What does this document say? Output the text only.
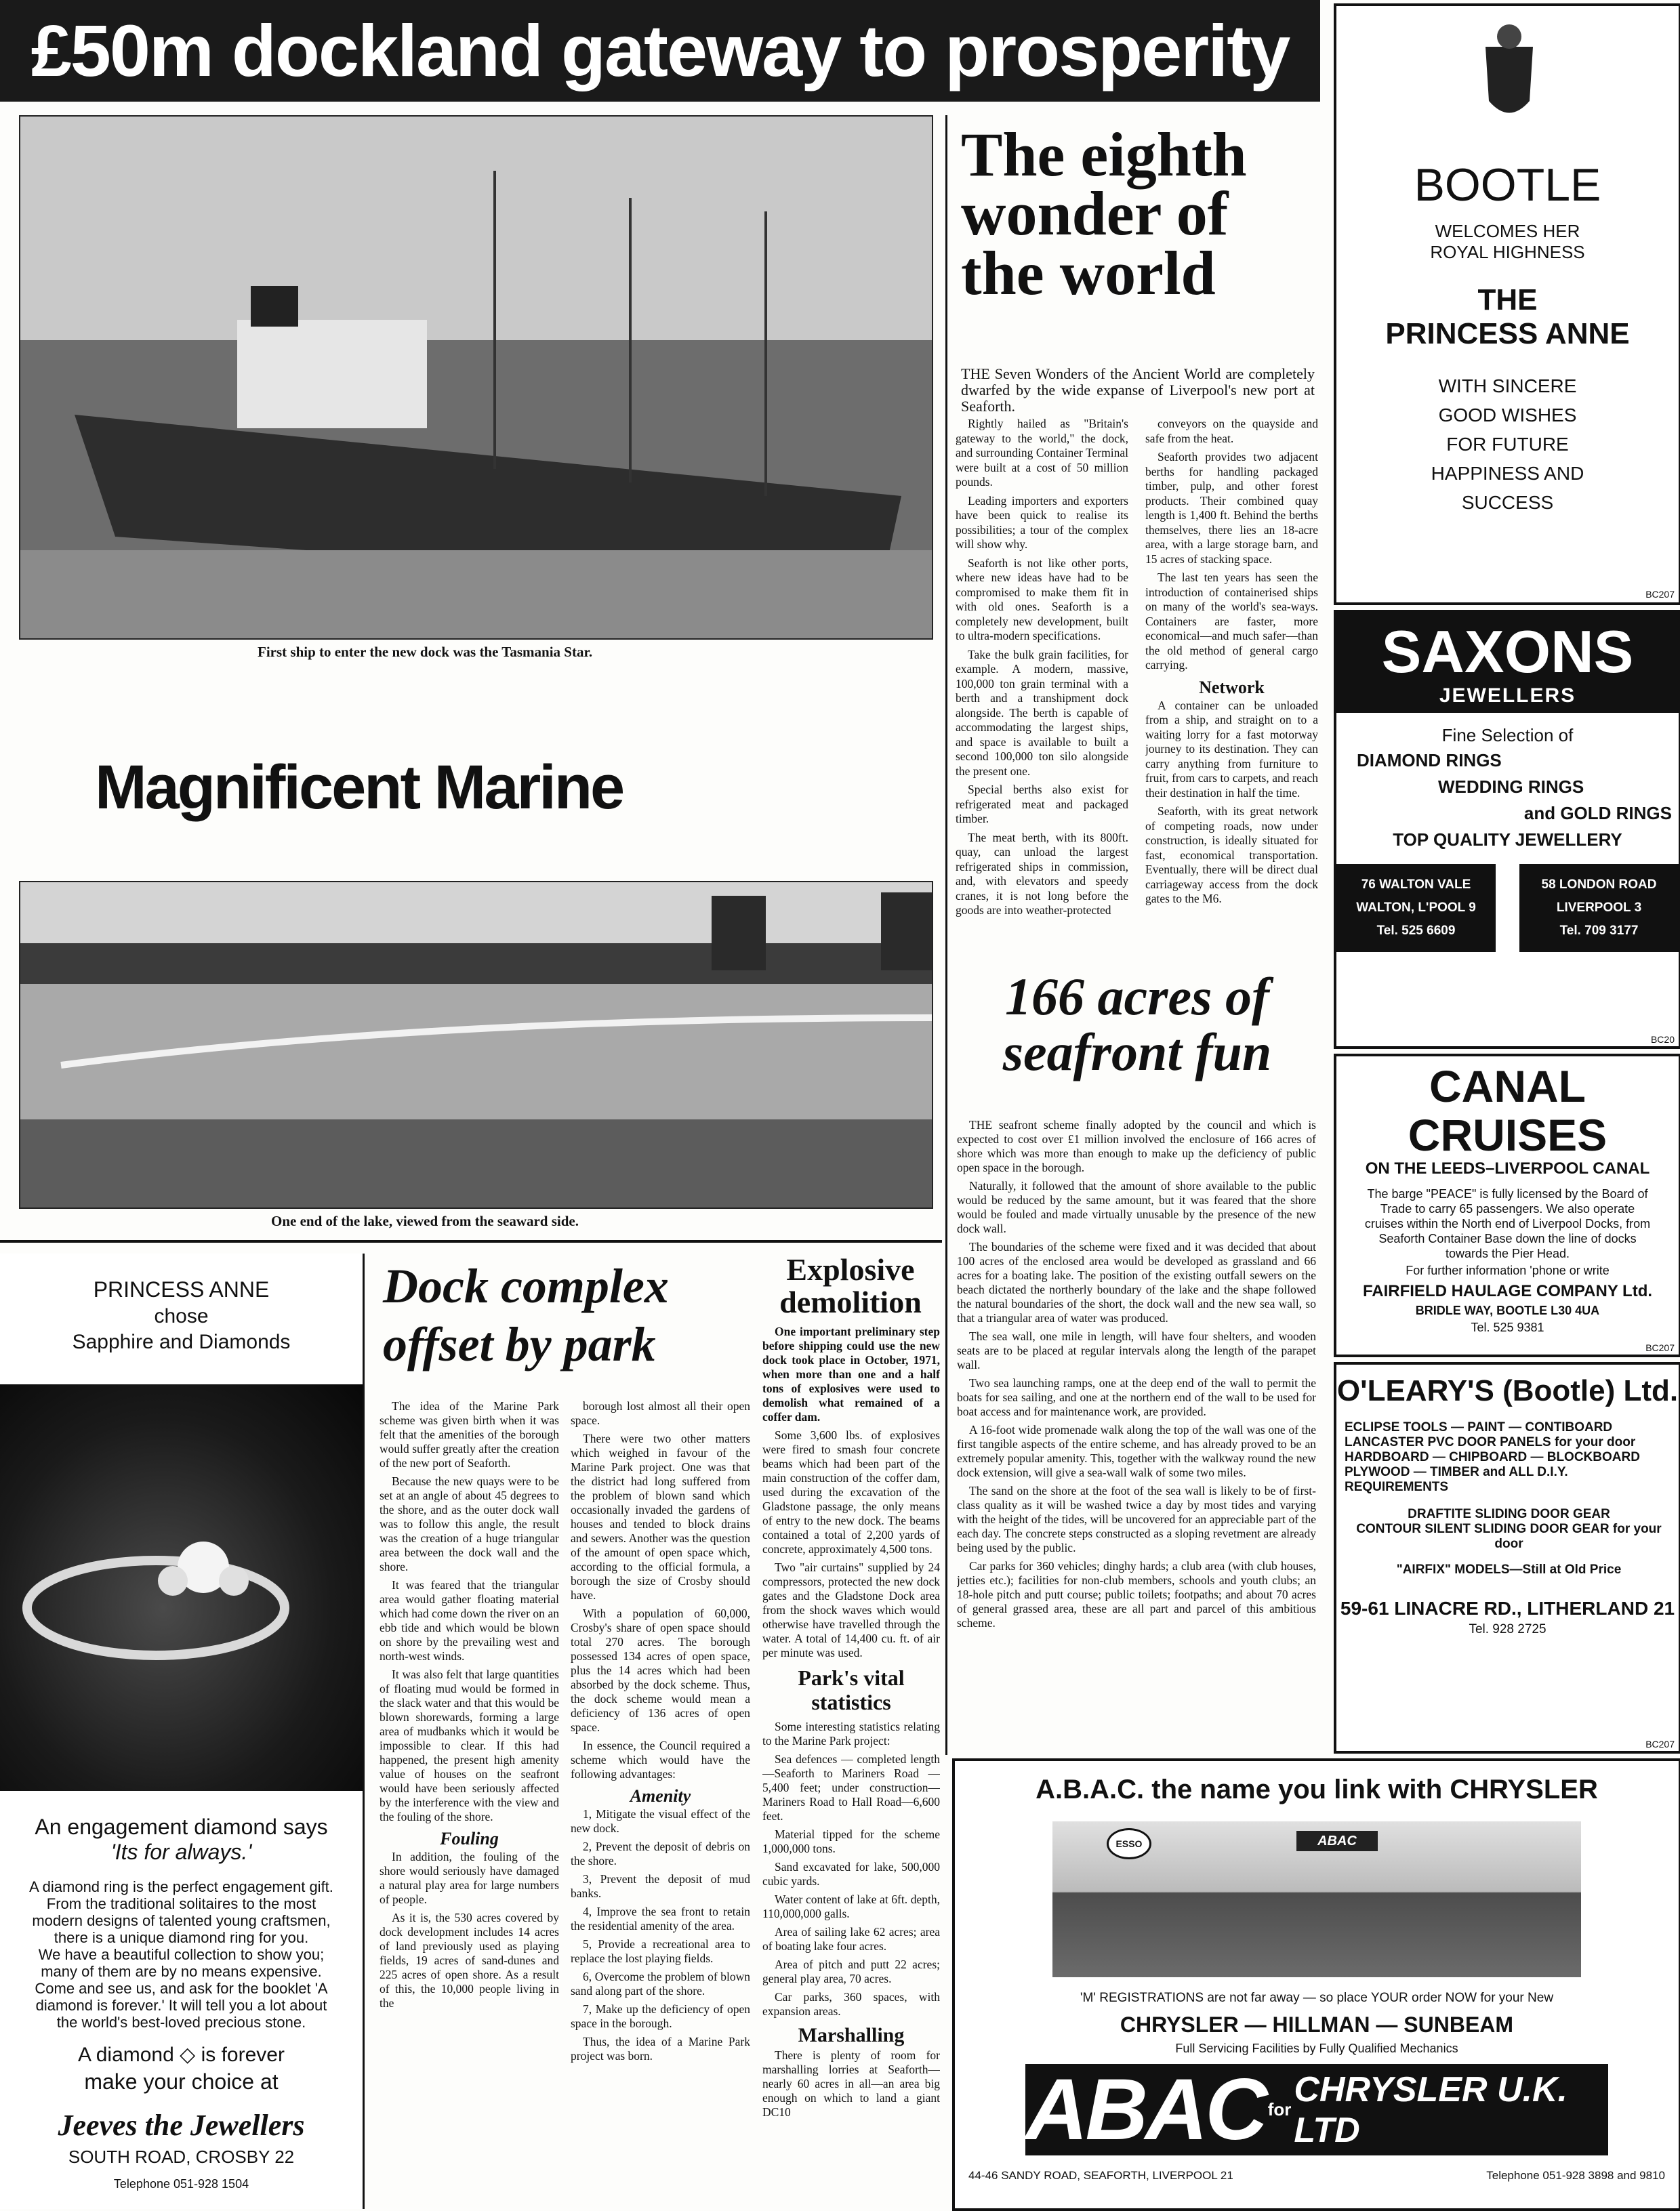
£50m dockland gateway to prosperity
First ship to enter the new dock was the Tasmania Star.
Magnificent Marine
One end of the lake, viewed from the seaward side.
The eighth wonder of the world
THE Seven Wonders of the Ancient World are completely dwarfed by the wide expanse of Liverpool's new port at Seaforth.

Rightly hailed as "Britain's gateway to the world," the dock, and surrounding Container Terminal were built at a cost of 50 million pounds.

Leading importers and exporters have been quick to realise its possibilities; a tour of the complex will show why.

Seaforth is not like other ports, where new ideas have had to be compromised to make them fit in with old ones. Seaforth is a completely new development, built to ultra-modern specifications.

Take the bulk grain facilities, for example. A modern, massive, 100,000 ton grain terminal with a berth and a transhipment dock alongside. The berth is capable of accommodating the largest ships, and space is available to built a second 100,000 ton silo alongside the present one.

Special berths also exist for refrigerated meat and packaged timber.

The meat berth, with its 800ft. quay, can unload the largest refrigerated ships in commission, and, with elevators and speedy cranes, it is not long before the goods are into weather-protected

conveyors on the quayside and safe from the heat.

Seaforth provides two adjacent berths for handling packaged timber, pulp, and other forest products. Their combined quay length is 1,400 ft. Behind the berths themselves, there lies an 18-acre area, with a large storage barn, and 15 acres of stacking space.

The last ten years has seen the introduction of containerised ships on many of the world's sea-ways. Containers are faster, more economical—and much safer—than the old method of general cargo carrying.

Network

A container can be unloaded from a ship, and straight on to a waiting lorry for a fast motorway journey to its destination. They can carry anything from furniture to fruit, from cars to carpets, and reach their destination in half the time.

Seaforth, with its great network of competing roads, now under construction, is ideally situated for fast, economical transportation. Eventually, there will be direct dual carriageway access from the dock gates to the M6.

166 acres of seafront fun

THE seafront scheme finally adopted by the council and which is expected to cost over £1 million involved the enclosure of 166 acres of shore which was more than enough to make up the deficiency of public open space in the borough.

Naturally, it followed that the amount of shore available to the public would be reduced by the same amount, but it was feared that the shore would be fouled and made virtually unusable by the presence of the new dock wall.

The boundaries of the scheme were fixed and it was decided that about 100 acres of the enclosed area would be developed as grassland and 66 acres for a boating lake. The position of the existing outfall sewers on the beach dictated the northerly boundary of the lake and the shape followed the natural boundaries of the short, the dock wall and the new sea wall, so that a triangular area of water was produced.

The sea wall, one mile in length, will have four shelters, and wooden seats are to be placed at regular intervals along the length of the parapet wall.

Two sea launching ramps, one at the deep end of the wall to permit the boats for sea sailing, and one at the northern end of the wall to be used for boat access and for maintenance work, are provided.

A 16-foot wide promenade walk along the top of the wall was one of the first tangible aspects of the entire scheme, and has already proved to be an extremely popular amenity. This, together with the walkway round the new dock extension, will give a sea-wall walk of some two miles.

The sand on the shore at the foot of the sea wall is likely to be of first-class quality as it will be washed twice a day by most tides and varying with the height of the tides, will be uncovered for an appreciable part of the each day. The concrete steps constructed as a sloping revetment are already being used by the public.

Car parks for 360 vehicles; dinghy hards; a club area (with club houses, jetties etc.); facilities for non-club members, schools and youth clubs; an 18-hole pitch and putt course; public toilets; footpaths; and about 70 acres of general grassed area, these are all part and parcel of this ambitious scheme.

Dock complex offset by park

The idea of the Marine Park scheme was given birth when it was felt that the amenities of the borough would suffer greatly after the creation of the new port of Seaforth.

Because the new quays were to be set at an angle of about 45 degrees to the shore, and as the outer dock wall was to follow this angle, the result was the creation of a huge triangular area between the dock wall and the shore.

It was feared that the triangular area would gather floating material which had come down the river on an ebb tide and which would be blown on shore by the prevailing west and north-west winds.

It was also felt that large quantities of floating mud would be formed in the slack water and that this would be blown shorewards, forming a large area of mudbanks which it would be impossible to clear. If this had happened, the present high amenity value of houses on the seafront would have been seriously affected by the interference with the view and the fouling of the shore.

Fouling

In addition, the fouling of the shore would seriously have damaged a natural play area for large numbers of people.

As it is, the 530 acres covered by dock development includes 14 acres of land previously used as playing fields, 19 acres of sand-dunes and 225 acres of open shore. As a result of this, the 10,000 people living in the

borough lost almost all their open space.

There were two other matters which weighed in favour of the Marine Park project. One was that the district had long suffered from the problem of blown sand which occasionally invaded the gardens of houses and tended to block drains and sewers. Another was the question of the amount of open space which, according to the official formula, a borough the size of Crosby should have.

With a population of 60,000, Crosby's share of open space should total 270 acres. The borough possessed 134 acres of open space, plus the 14 acres which had been absorbed by the dock scheme. Thus, the dock scheme would mean a deficiency of 136 acres of open space.

In essence, the Council required a scheme which would have the following advantages:

Amenity

1, Mitigate the visual effect of the new dock.

2, Prevent the deposit of debris on the shore.

3, Prevent the deposit of mud banks.

4, Improve the sea front to retain the residential amenity of the area.

5, Provide a recreational area to replace the lost playing fields.

6, Overcome the problem of blown sand along part of the shore.

7, Make up the deficiency of open space in the borough.

Thus, the idea of a Marine Park project was born.

Explosive demolition

One important preliminary step before shipping could use the new dock took place in October, 1971, when more than one and a half tons of explosives were used to demolish what remained of a coffer dam.

Some 3,600 lbs. of explosives were fired to smash four concrete beams which had been part of the main construction of the coffer dam, used during the excavation of the Gladstone passage, the only means of entry to the new dock. The beams contained a total of 2,200 yards of concrete, approximately 4,500 tons.

Two "air curtains" supplied by 24 compressors, protected the new dock gates and the Gladstone Dock area from the shock waves which would otherwise have travelled through the water. A total of 14,400 cu. ft. of air per minute was used.

Park's vital statistics

Some interesting statistics relating to the Marine Park project:

Sea defences — completed length—Seaforth to Mariners Road — 5,400 feet; under construction—Mariners Road to Hall Road—6,600 feet.

Material tipped for the scheme 1,000,000 tons.

Sand excavated for lake, 500,000 cubic yards.

Water content of lake at 6ft. depth, 110,000,000 galls.

Area of sailing lake 62 acres; area of boating lake four acres.

Area of pitch and putt 22 acres; general play area, 70 acres.

Car parks, 360 spaces, with expansion areas.

Marshalling

There is plenty of room for marshalling lorries at Seaforth—nearly 60 acres in all—an area big enough on which to land a giant DC10

PRINCESS ANNE
chose
Sapphire and Diamonds
An engagement diamond says
'Its for always.'
A diamond ring is the perfect engagement gift. From the traditional solitaires to the most modern designs of talented young craftsmen, there is a unique diamond ring for you.
We have a beautiful collection to show you; many of them are by no means expensive.
Come and see us, and ask for the booklet 'A diamond is forever.' It will tell you a lot about the world's best-loved precious stone.
A diamond ◇ is forever
make your choice at
Jeeves the Jewellers
SOUTH ROAD, CROSBY 22
Telephone 051-928 1504
BOOTLE
WELCOMES HER
ROYAL HIGHNESS
THE
PRINCESS ANNE
WITH SINCERE
GOOD WISHES
FOR FUTURE
HAPPINESS AND
SUCCESS
BC207
SAXONS
JEWELLERS
Fine Selection of
DIAMOND RINGS
WEDDING RINGS
and GOLD RINGS
TOP QUALITY JEWELLERY
76 WALTON VALE
WALTON, L'POOL 9
Tel. 525 6609
58 LONDON ROAD
LIVERPOOL 3
Tel. 709 3177
BC20
CANAL CRUISES
ON THE LEEDS–LIVERPOOL CANAL
The barge "PEACE" is fully licensed by the Board of Trade to carry 65 passengers. We also operate cruises within the North end of Liverpool Docks, from Seaforth Container Base down the line of docks towards the Pier Head.
For further information 'phone or write
FAIRFIELD HAULAGE COMPANY Ltd.
BRIDLE WAY, BOOTLE L30 4UA
Tel. 525 9381
BC207
O'LEARY'S (Bootle) Ltd.
ECLIPSE TOOLS — PAINT — CONTIBOARD
LANCASTER PVC DOOR PANELS for your door
HARDBOARD — CHIPBOARD — BLOCKBOARD
PLYWOOD — TIMBER and ALL D.I.Y. REQUIREMENTS
DRAFTITE SLIDING DOOR GEAR
CONTOUR SILENT SLIDING DOOR GEAR for your door
"AIRFIX" MODELS—Still at Old Price
59-61 LINACRE RD., LITHERLAND 21
Tel. 928 2725
BC207
A.B.A.C. the name you link with CHRYSLER
ESSO	ABAC
'M' REGISTRATIONS are not far away — so place YOUR order NOW for your New
CHRYSLER — HILLMAN — SUNBEAM
Full Servicing Facilities by Fully Qualified Mechanics
ABAC for
CHRYSLER U.K. LTD
44-46 SANDY ROAD, SEAFORTH, LIVERPOOL 21	Telephone 051-928 3898 and 9810
